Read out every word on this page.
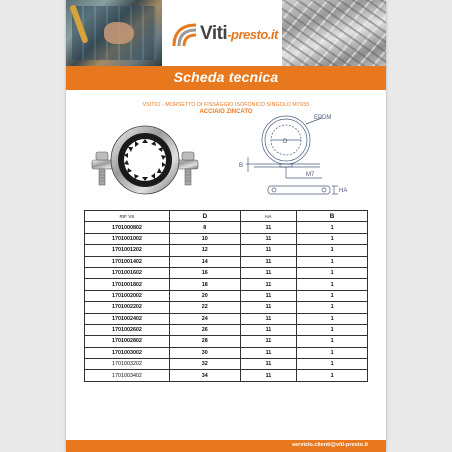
Viti-presto.it
Scheda tecnica
VSIT01 - MORSETTO DI FISSAGGIO ISOFONICO SINGOLO M7X55
ACCIAIO ZINCATO
EPDM
B
D
M7
HA
RIF VS	D	HA	B
1701000802	8	11	1
1701001002	10	11	1
1701001202	12	11	1
1701001402	14	11	1
1701001602	16	11	1
1701001802	18	11	1
1701002002	20	11	1
1701002202	22	11	1
1701002402	24	11	1
1701002602	26	11	1
1701002802	28	11	1
1701003002	30	11	1
1701003202	32	11	1
1701003402	34	11	1
servizio.clienti@viti-presto.it
